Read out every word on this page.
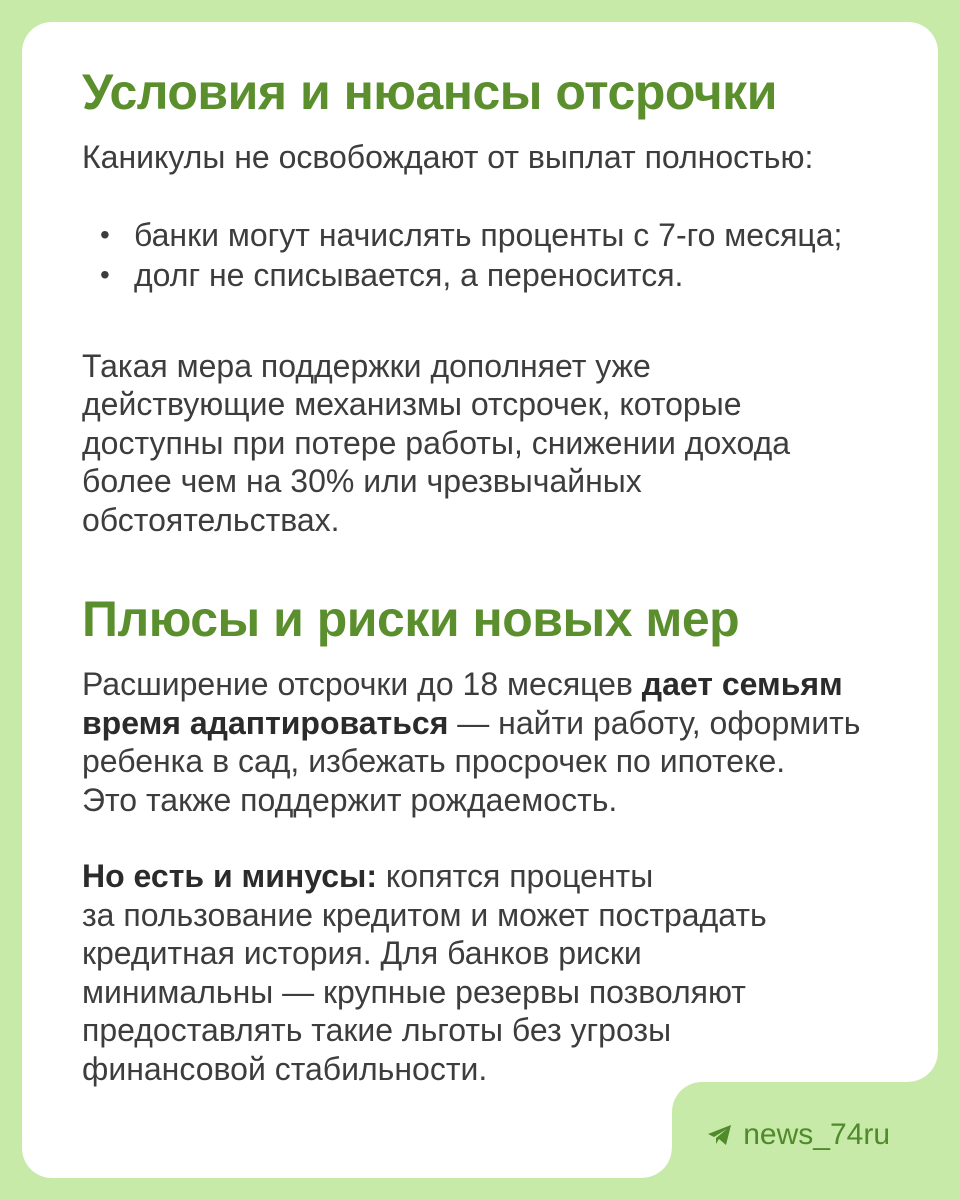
Условия и нюансы отсрочки

Каникулы не освобождают от выплат полностью:

• банки могут начислять проценты с 7-го месяца;
• долг не списывается, а переносится.

Такая мера поддержки дополняет уже
действующие механизмы отсрочек, которые
доступны при потере работы, снижении дохода
более чем на 30% или чрезвычайных
обстоятельствах.

Плюсы и риски новых мер

Расширение отсрочки до 18 месяцев дает семьям
время адаптироваться — найти работу, оформить
ребенка в сад, избежать просрочек по ипотеке.
Это также поддержит рождаемость.

Но есть и минусы: копятся проценты
за пользование кредитом и может пострадать
кредитная история. Для банков риски
минимальны — крупные резервы позволяют
предоставлять такие льготы без угрозы
финансовой стабильности.

news_74ru
